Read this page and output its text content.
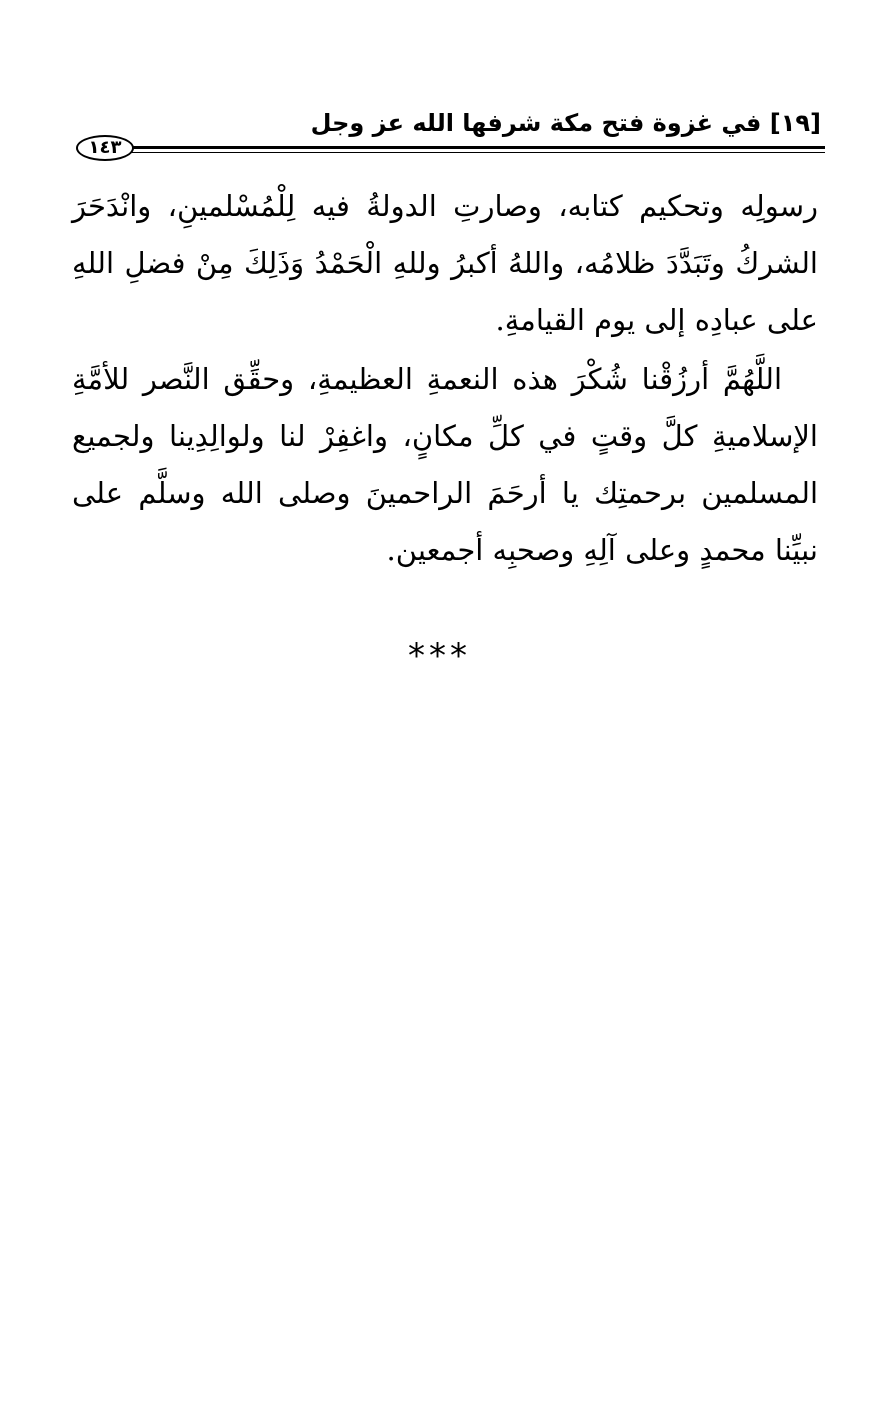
[١٩] في غزوة فتح مكة شرفها الله عز وجل
١٤٣

رسولِه وتحكيم كتابه، وصارتِ الدولةُ فيه لِلْمُسْلمينِ، وانْدَحَرَ الشركُ وتَبَدَّدَ ظلامُه، واللهُ أكبرُ وللهِ الْحَمْدُ وَذَلِكَ مِنْ فضلِ اللهِ على عبادِه إلى يوم القيامةِ.

اللَّهُمَّ أرزُقْنا شُكْرَ هذه النعمةِ العظيمةِ، وحقِّق النَّصر للأمَّةِ الإسلاميةِ كلَّ وقتٍ في كلِّ مكانٍ، واغفِرْ لنا ولوالِدِينا ولجميع المسلمين برحمتِك يا أرحَمَ الراحمينَ وصلى الله وسلَّم على نبيِّنا محمدٍ وعلى آلِهِ وصحبِه أجمعين.

***
